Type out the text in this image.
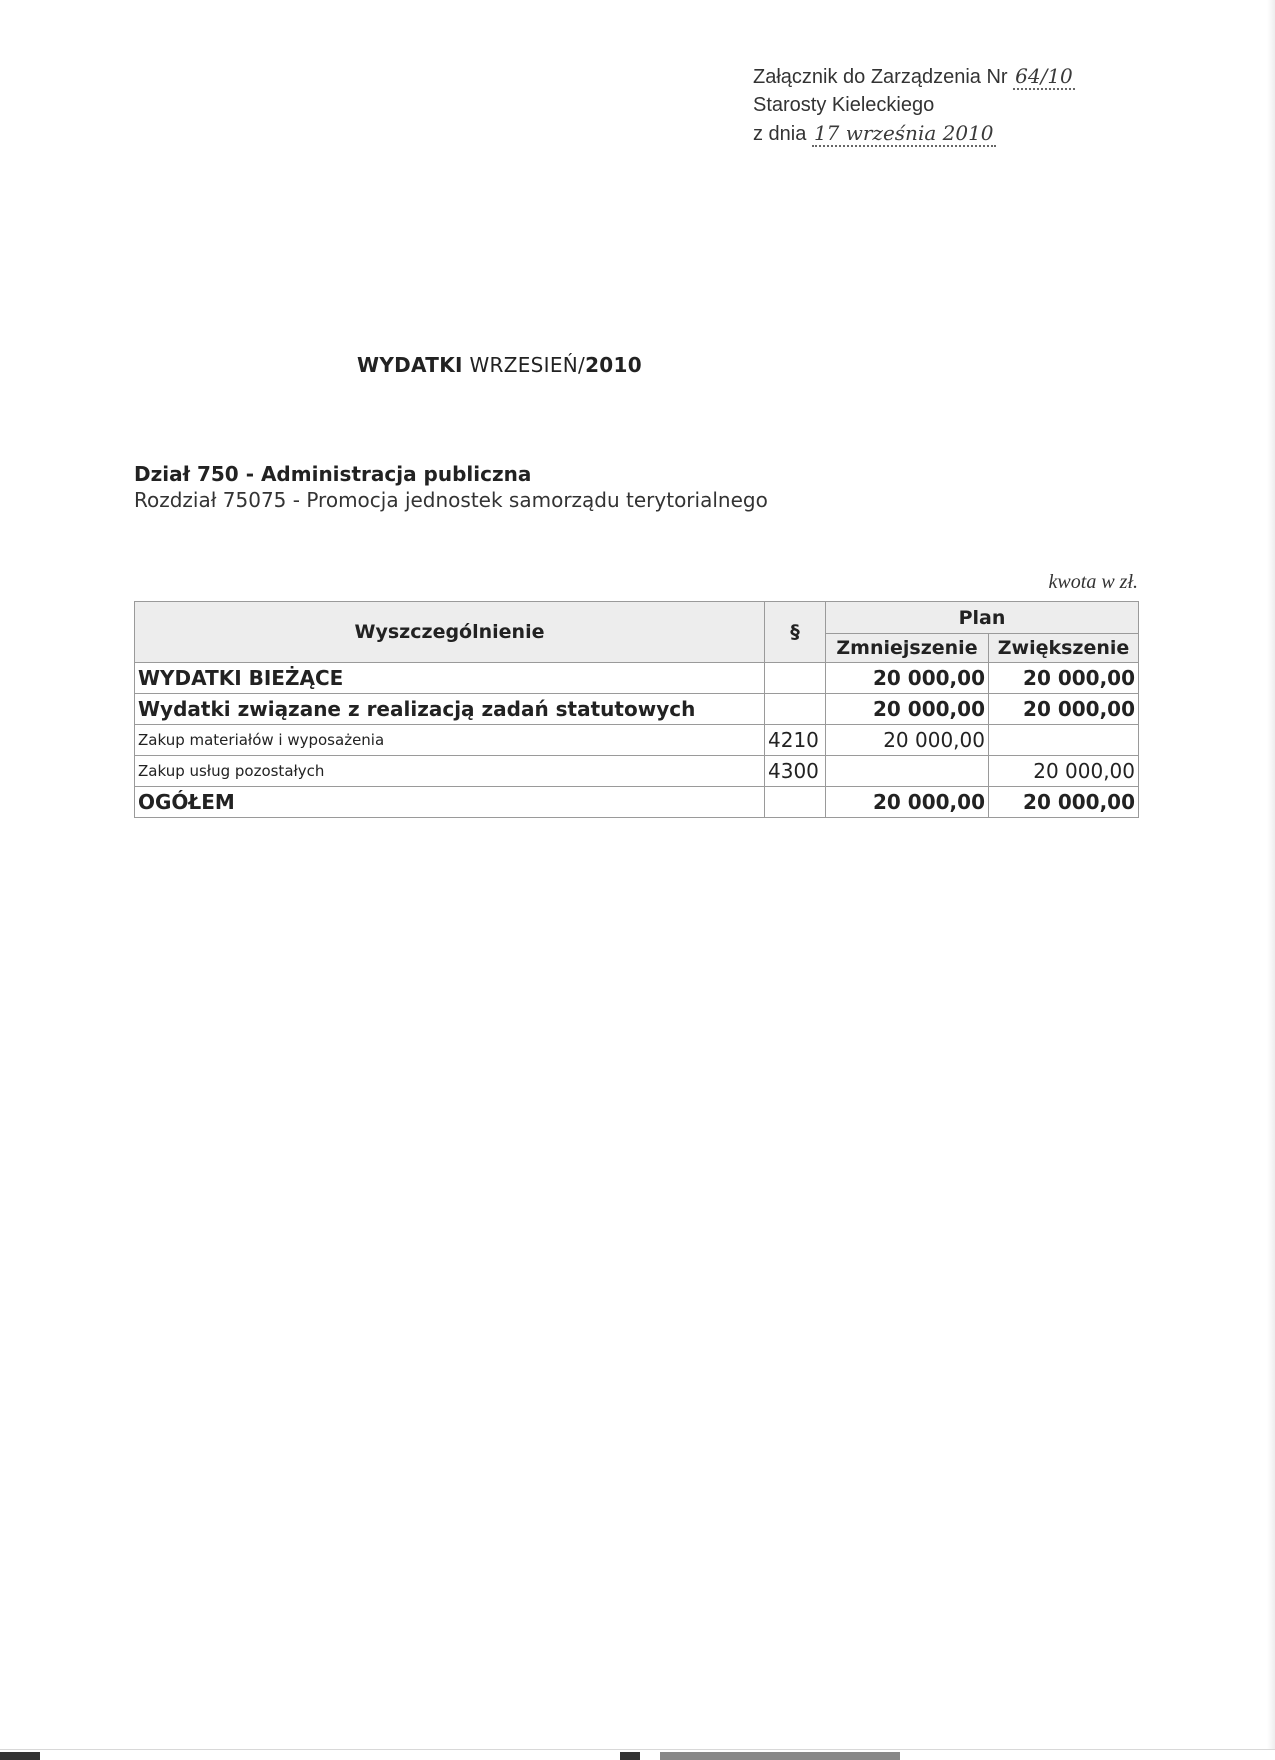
Załącznik do Zarządzenia Nr 64/10
Starosty Kieleckiego
z dnia 17 września 2010
WYDATKI WRZESIEŃ/2010
Dział 750 - Administracja publiczna
Rozdział 75075 - Promocja jednostek samorządu terytorialnego
kwota w zł.
Wyszczególnienie	§	Plan	
		Zmniejszenie	Zwiększenie
WYDATKI BIEŻĄCE		20 000,00	20 000,00
Wydatki związane z realizacją zadań statutowych		20 000,00	20 000,00
Zakup materiałów i wyposażenia	4210	20 000,00	
Zakup usług pozostałych	4300		20 000,00
OGÓŁEM		20 000,00	20 000,00
